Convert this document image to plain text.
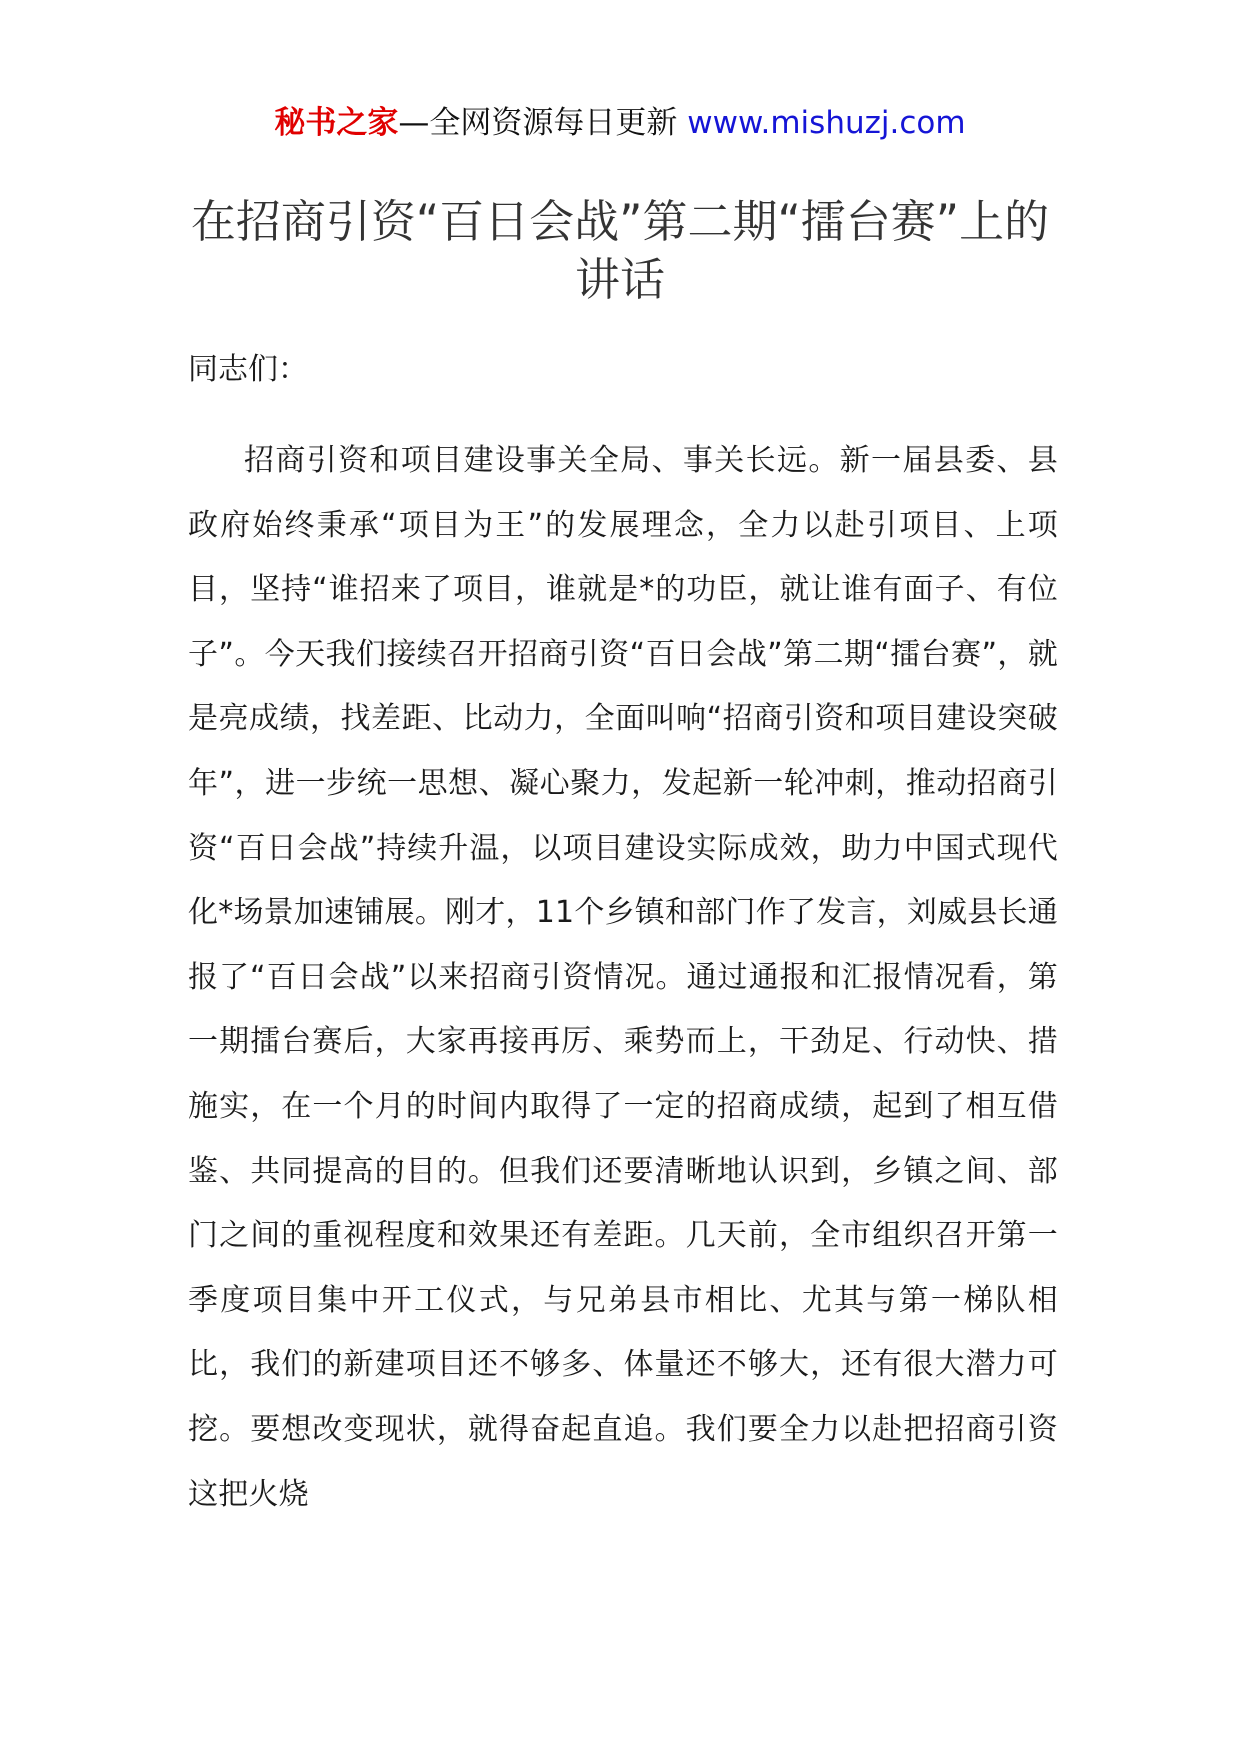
秘书之家—全网资源每日更新 www.mishuzj.com
在招商引资“百日会战”第二期“擂台赛”上的讲话

同志们：

招商引资和项目建设事关全局、事关长远。新一届县委、县政府始终秉承“项目为王”的发展理念，全力以赴引项目、上项目，坚持“谁招来了项目，谁就是*的功臣，就让谁有面子、有位子”。今天我们接续召开招商引资“百日会战”第二期“擂台赛”，就是亮成绩，找差距、比动力，全面叫响“招商引资和项目建设突破年”，进一步统一思想、凝心聚力，发起新一轮冲刺，推动招商引资“百日会战”持续升温，以项目建设实际成效，助力中国式现代化*场景加速铺展。刚才，11个乡镇和部门作了发言，刘威县长通报了“百日会战”以来招商引资情况。通过通报和汇报情况看，第一期擂台赛后，大家再接再厉、乘势而上，干劲足、行动快、措施实，在一个月的时间内取得了一定的招商成绩，起到了相互借鉴、共同提高的目的。但我们还要清晰地认识到，乡镇之间、部门之间的重视程度和效果还有差距。几天前，全市组织召开第一季度项目集中开工仪式，与兄弟县市相比、尤其与第一梯队相比，我们的新建项目还不够多、体量还不够大，还有很大潜力可挖。要想改变现状，就得奋起直追。我们要全力以赴把招商引资这把火烧
